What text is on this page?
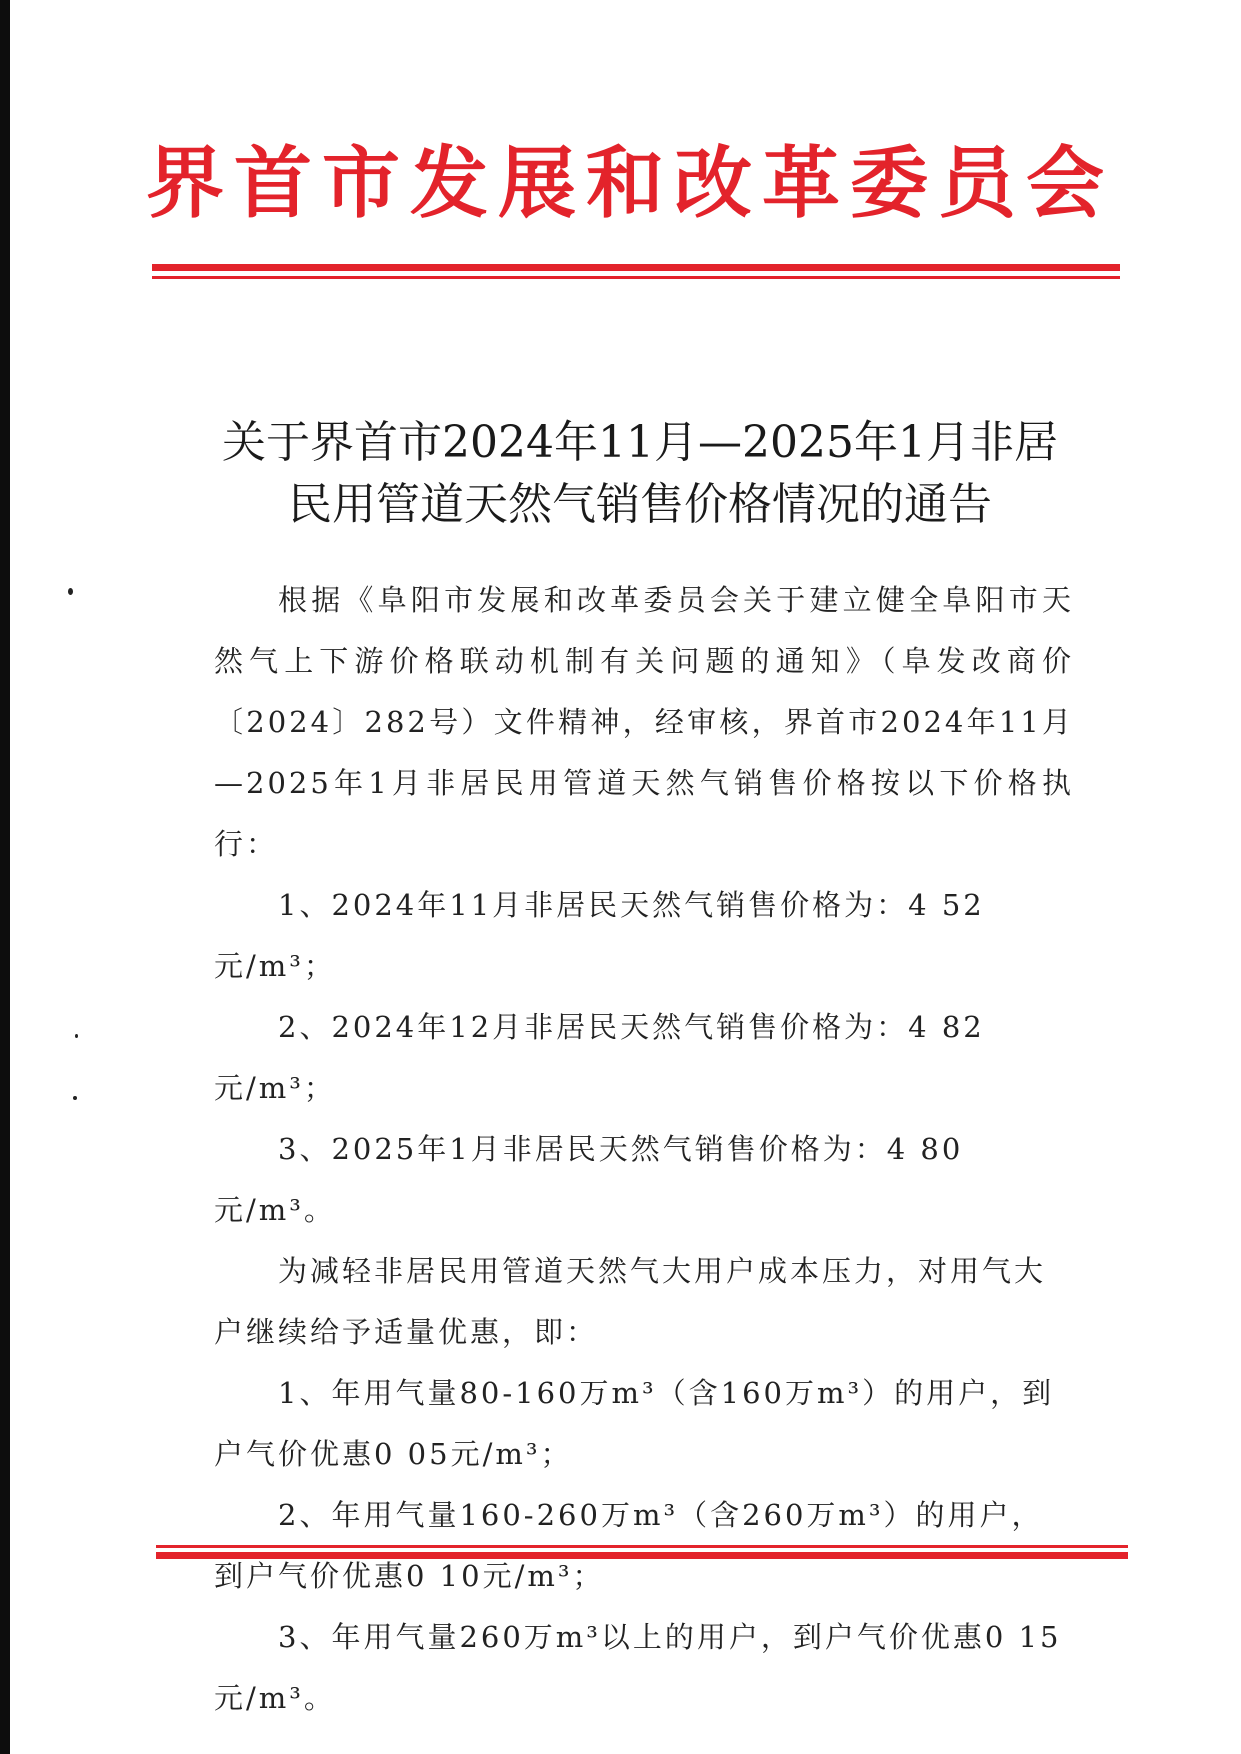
界首市发展和改革委员会
关于界首市2024年11月—2025年1月非居
民用管道天然气销售价格情况的通告

根据《阜阳市发展和改革委员会关于建立健全阜阳市天然气上下游价格联动机制有关问题的通知》（阜发改商价〔2024〕282号）文件精神，经审核，界首市2024年11月—2025年1月非居民用管道天然气销售价格按以下价格执行：

1、2024年11月非居民天然气销售价格为：4 52元/m³；

2、2024年12月非居民天然气销售价格为：4 82元/m³；

3、2025年1月非居民天然气销售价格为：4 80元/m³。

为减轻非居民用管道天然气大用户成本压力，对用气大户继续给予适量优惠，即：

1、年用气量80-160万m³（含160万m³）的用户，到户气价优惠0 05元/m³；

2、年用气量160-260万m³（含260万m³）的用户，到户气价优惠0 10元/m³；

3、年用气量260万m³以上的用户，到户气价优惠0 15元/m³。
